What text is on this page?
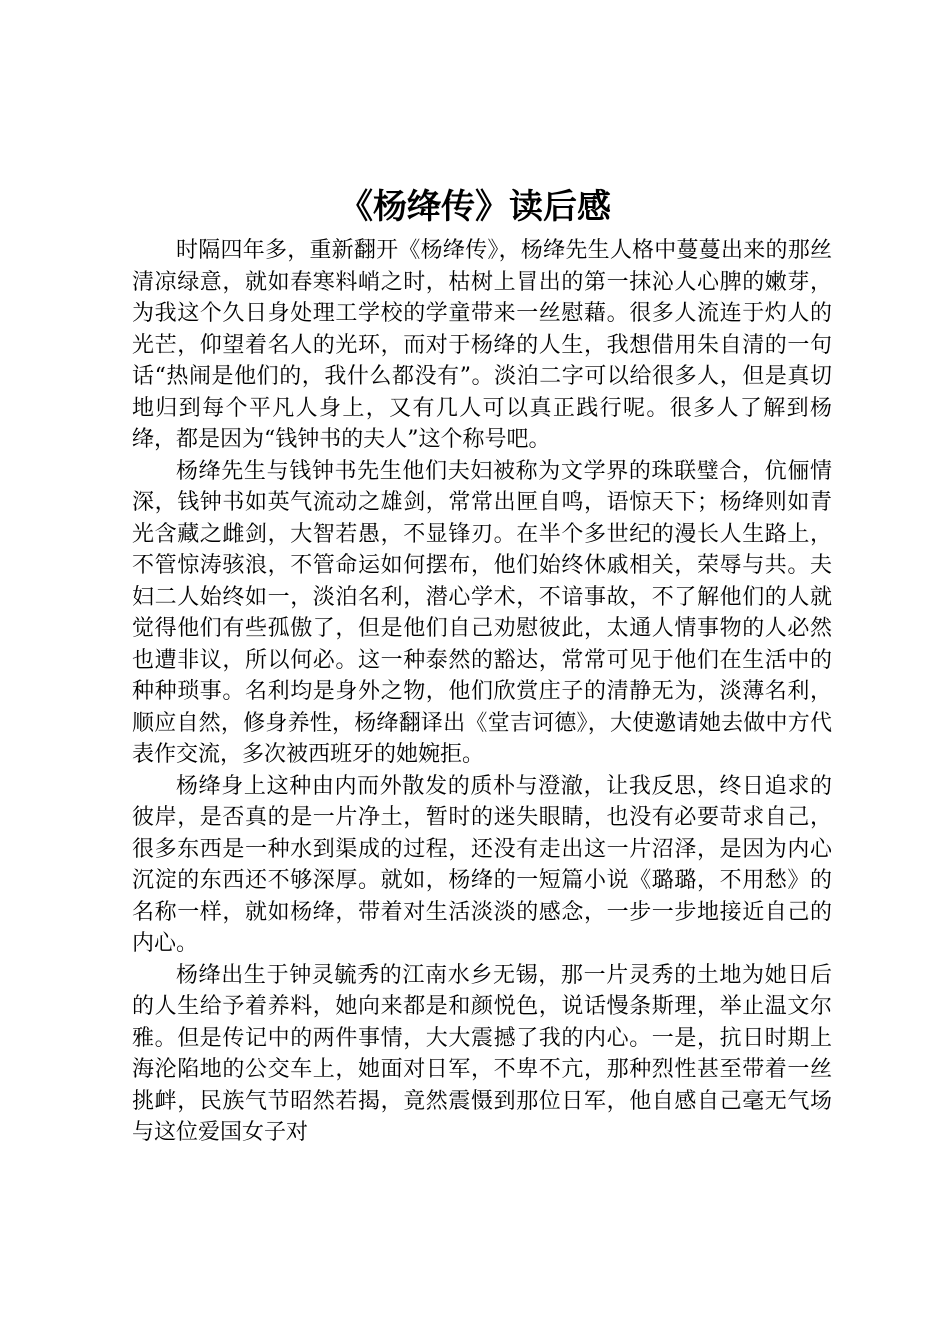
《杨绛传》读后感

时隔四年多，重新翻开《杨绛传》，杨绛先生人格中蔓蔓出来的那丝清凉绿意，就如春寒料峭之时，枯树上冒出的第一抹沁人心脾的嫩芽，为我这个久日身处理工学校的学童带来一丝慰藉。很多人流连于灼人的光芒，仰望着名人的光环，而对于杨绛的人生，我想借用朱自清的一句话“热闹是他们的，我什么都没有”。淡泊二字可以给很多人，但是真切地归到每个平凡人身上，又有几人可以真正践行呢。很多人了解到杨绛，都是因为“钱钟书的夫人”这个称号吧。

杨绛先生与钱钟书先生他们夫妇被称为文学界的珠联璧合，伉俪情深，钱钟书如英气流动之雄剑，常常出匣自鸣，语惊天下；杨绛则如青光含藏之雌剑，大智若愚，不显锋刃。在半个多世纪的漫长人生路上，不管惊涛骇浪，不管命运如何摆布，他们始终休戚相关，荣辱与共。夫妇二人始终如一，淡泊名利，潜心学术，不谙事故，不了解他们的人就觉得他们有些孤傲了，但是他们自己劝慰彼此，太通人情事物的人必然也遭非议，所以何必。这一种泰然的豁达，常常可见于他们在生活中的种种琐事。名利均是身外之物，他们欣赏庄子的清静无为，淡薄名利，顺应自然，修身养性，杨绛翻译出《堂吉诃德》，大使邀请她去做中方代表作交流，多次被西班牙的她婉拒。

杨绛身上这种由内而外散发的质朴与澄澈，让我反思，终日追求的彼岸，是否真的是一片净土，暂时的迷失眼睛，也没有必要苛求自己，很多东西是一种水到渠成的过程，还没有走出这一片沼泽，是因为内心沉淀的东西还不够深厚。就如，杨绛的一短篇小说《璐璐，不用愁》的名称一样，就如杨绛，带着对生活淡淡的感念，一步一步地接近自己的内心。

杨绛出生于钟灵毓秀的江南水乡无锡，那一片灵秀的土地为她日后的人生给予着养料，她向来都是和颜悦色，说话慢条斯理，举止温文尔雅。但是传记中的两件事情，大大震撼了我的内心。一是，抗日时期上海沦陷地的公交车上，她面对日军，不卑不亢，那种烈性甚至带着一丝挑衅，民族气节昭然若揭，竟然震慑到那位日军，他自感自己毫无气场与这位爱国女子对
